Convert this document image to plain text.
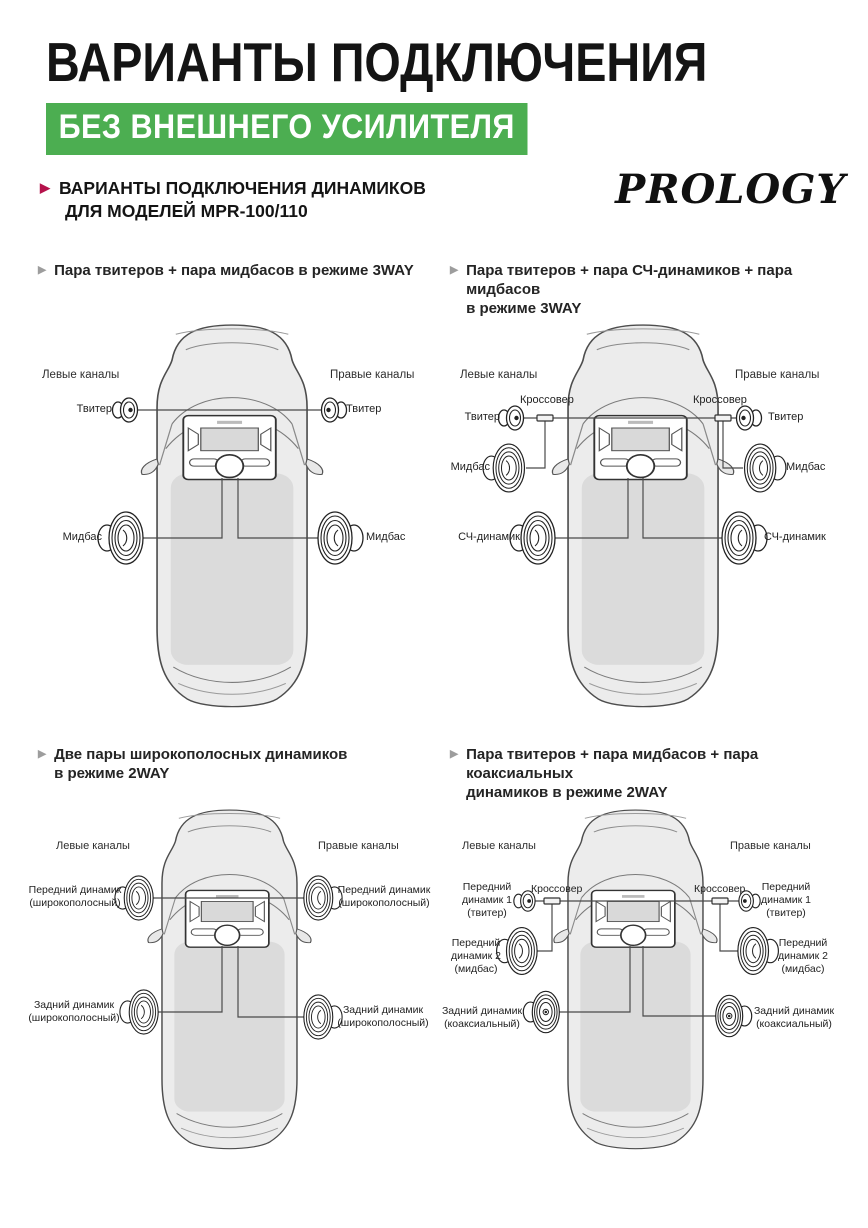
ВАРИАНТЫ ПОДКЛЮЧЕНИЯ
БЕЗ ВНЕШНЕГО УСИЛИТЕЛЯ
▶ ВАРИАНТЫ ПОДКЛЮЧЕНИЯ ДИНАМИКОВ
ДЛЯ МОДЕЛЕЙ MPR-100/110	PROLOGY
▶ Пара твитеров + пара мидбасов в режиме 3WAY
Левые каналы	Правые каналы
Твитер	Твитер
Мидбас	Мидбас
▶ Пара твитеров + пара СЧ-динамиков + пара мидбасов
в режиме 3WAY
Левые каналы	Правые каналы
Кроссовер	Кроссовер
Твитер	Твитер
Мидбас	Мидбас
СЧ-динамик	СЧ-динамик
▶ Две пары широкополосных динамиков
в режиме 2WAY
Левые каналы	Правые каналы
Передний динамик (широкополосный)
Передний динамик (широкополосный)
Задний динамик (широкополосный)
Задний динамик (широкополосный)
▶ Пара твитеров + пара мидбасов + пара коаксиальных
динамиков в режиме 2WAY
Левые каналы	Правые каналы
Передний динамик 1 (твитер)
Кроссовер	Кроссовер	Передний динамик 1 (твитер)
Передний динамик 2 (мидбас)
Передний динамик 2 (мидбас)
Задний динамик (коаксиальный)
Задний динамик (коаксиальный)
